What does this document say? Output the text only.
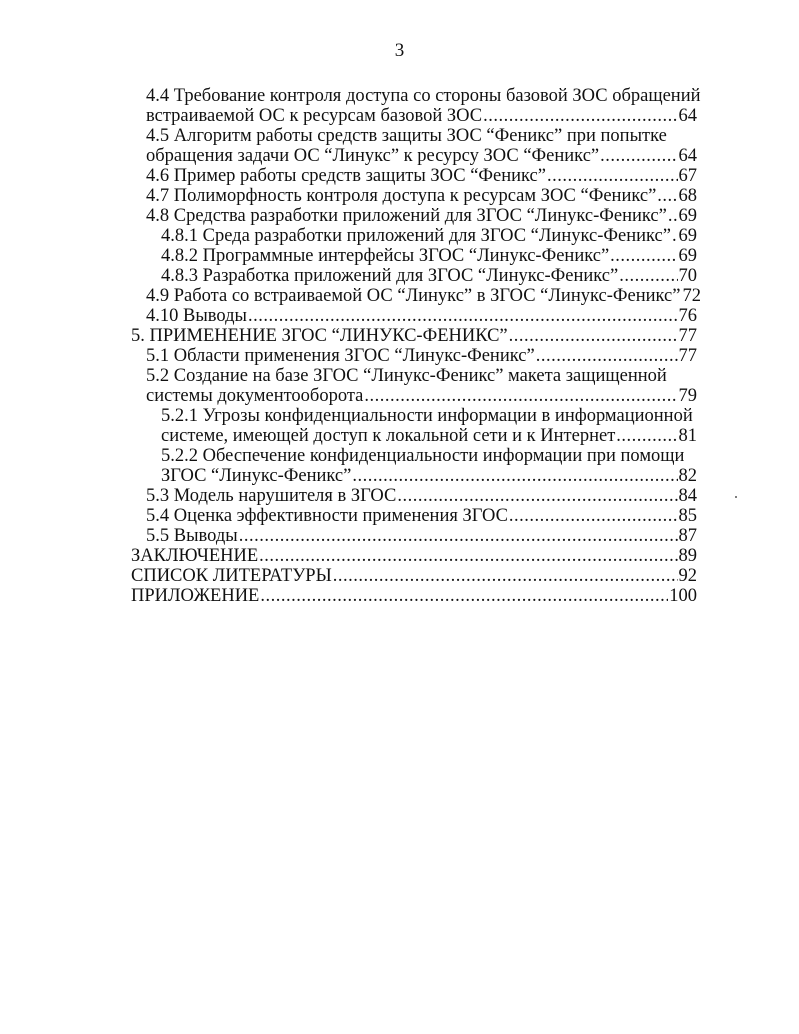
3
4.4 Требование контроля доступа со стороны базовой ЗОС обращений
встраиваемой ОС к ресурсам базовой ЗОС .....	64
4.5 Алгоритм работы средств защиты ЗОС “Феникс” при попытке
обращения задачи ОС “Линукс” к ресурсу ЗОС “Феникс” .....	64
4.6 Пример работы средств защиты ЗОС “Феникс” .....	67
4.7 Полиморфность контроля доступа к ресурсам ЗОС “Феникс” ..... 68
4.8 Средства разработки приложений для ЗГОС “Линукс-Феникс” ..... 69
4.8.1 Среда разработки приложений для ЗГОС “Линукс-Феникс” ..... 69
4.8.2 Программные интерфейсы ЗГОС “Линукс-Феникс” .....	69
4.8.3 Разработка приложений для ЗГОС “Линукс-Феникс” .....	70
4.9 Работа со встраиваемой ОС “Линукс” в ЗГОС “Линукс-Феникс” 72
4.10 Выводы .....	76
5. ПРИМЕНЕНИЕ ЗГОС “ЛИНУКС-ФЕНИКС” .....	77
5.1 Области применения ЗГОС “Линукс-Феникс” .....	77
5.2 Создание на базе ЗГОС “Линукс-Феникс” макета защищенной
системы документооборота .....	79
5.2.1 Угрозы конфиденциальности информации в информационной
системе, имеющей доступ к локальной сети и к Интернет .....	81
5.2.2 Обеспечение конфиденциальности информации при помощи
ЗГОС “Линукс-Феникс” .....	82
5.3 Модель нарушителя в ЗГОС .....	84
5.4 Оценка эффективности применения ЗГОС .....	85
5.5 Выводы .....	87
ЗАКЛЮЧЕНИЕ .....	89
СПИСОК ЛИТЕРАТУРЫ .....	92
ПРИЛОЖЕНИЕ .....	100
